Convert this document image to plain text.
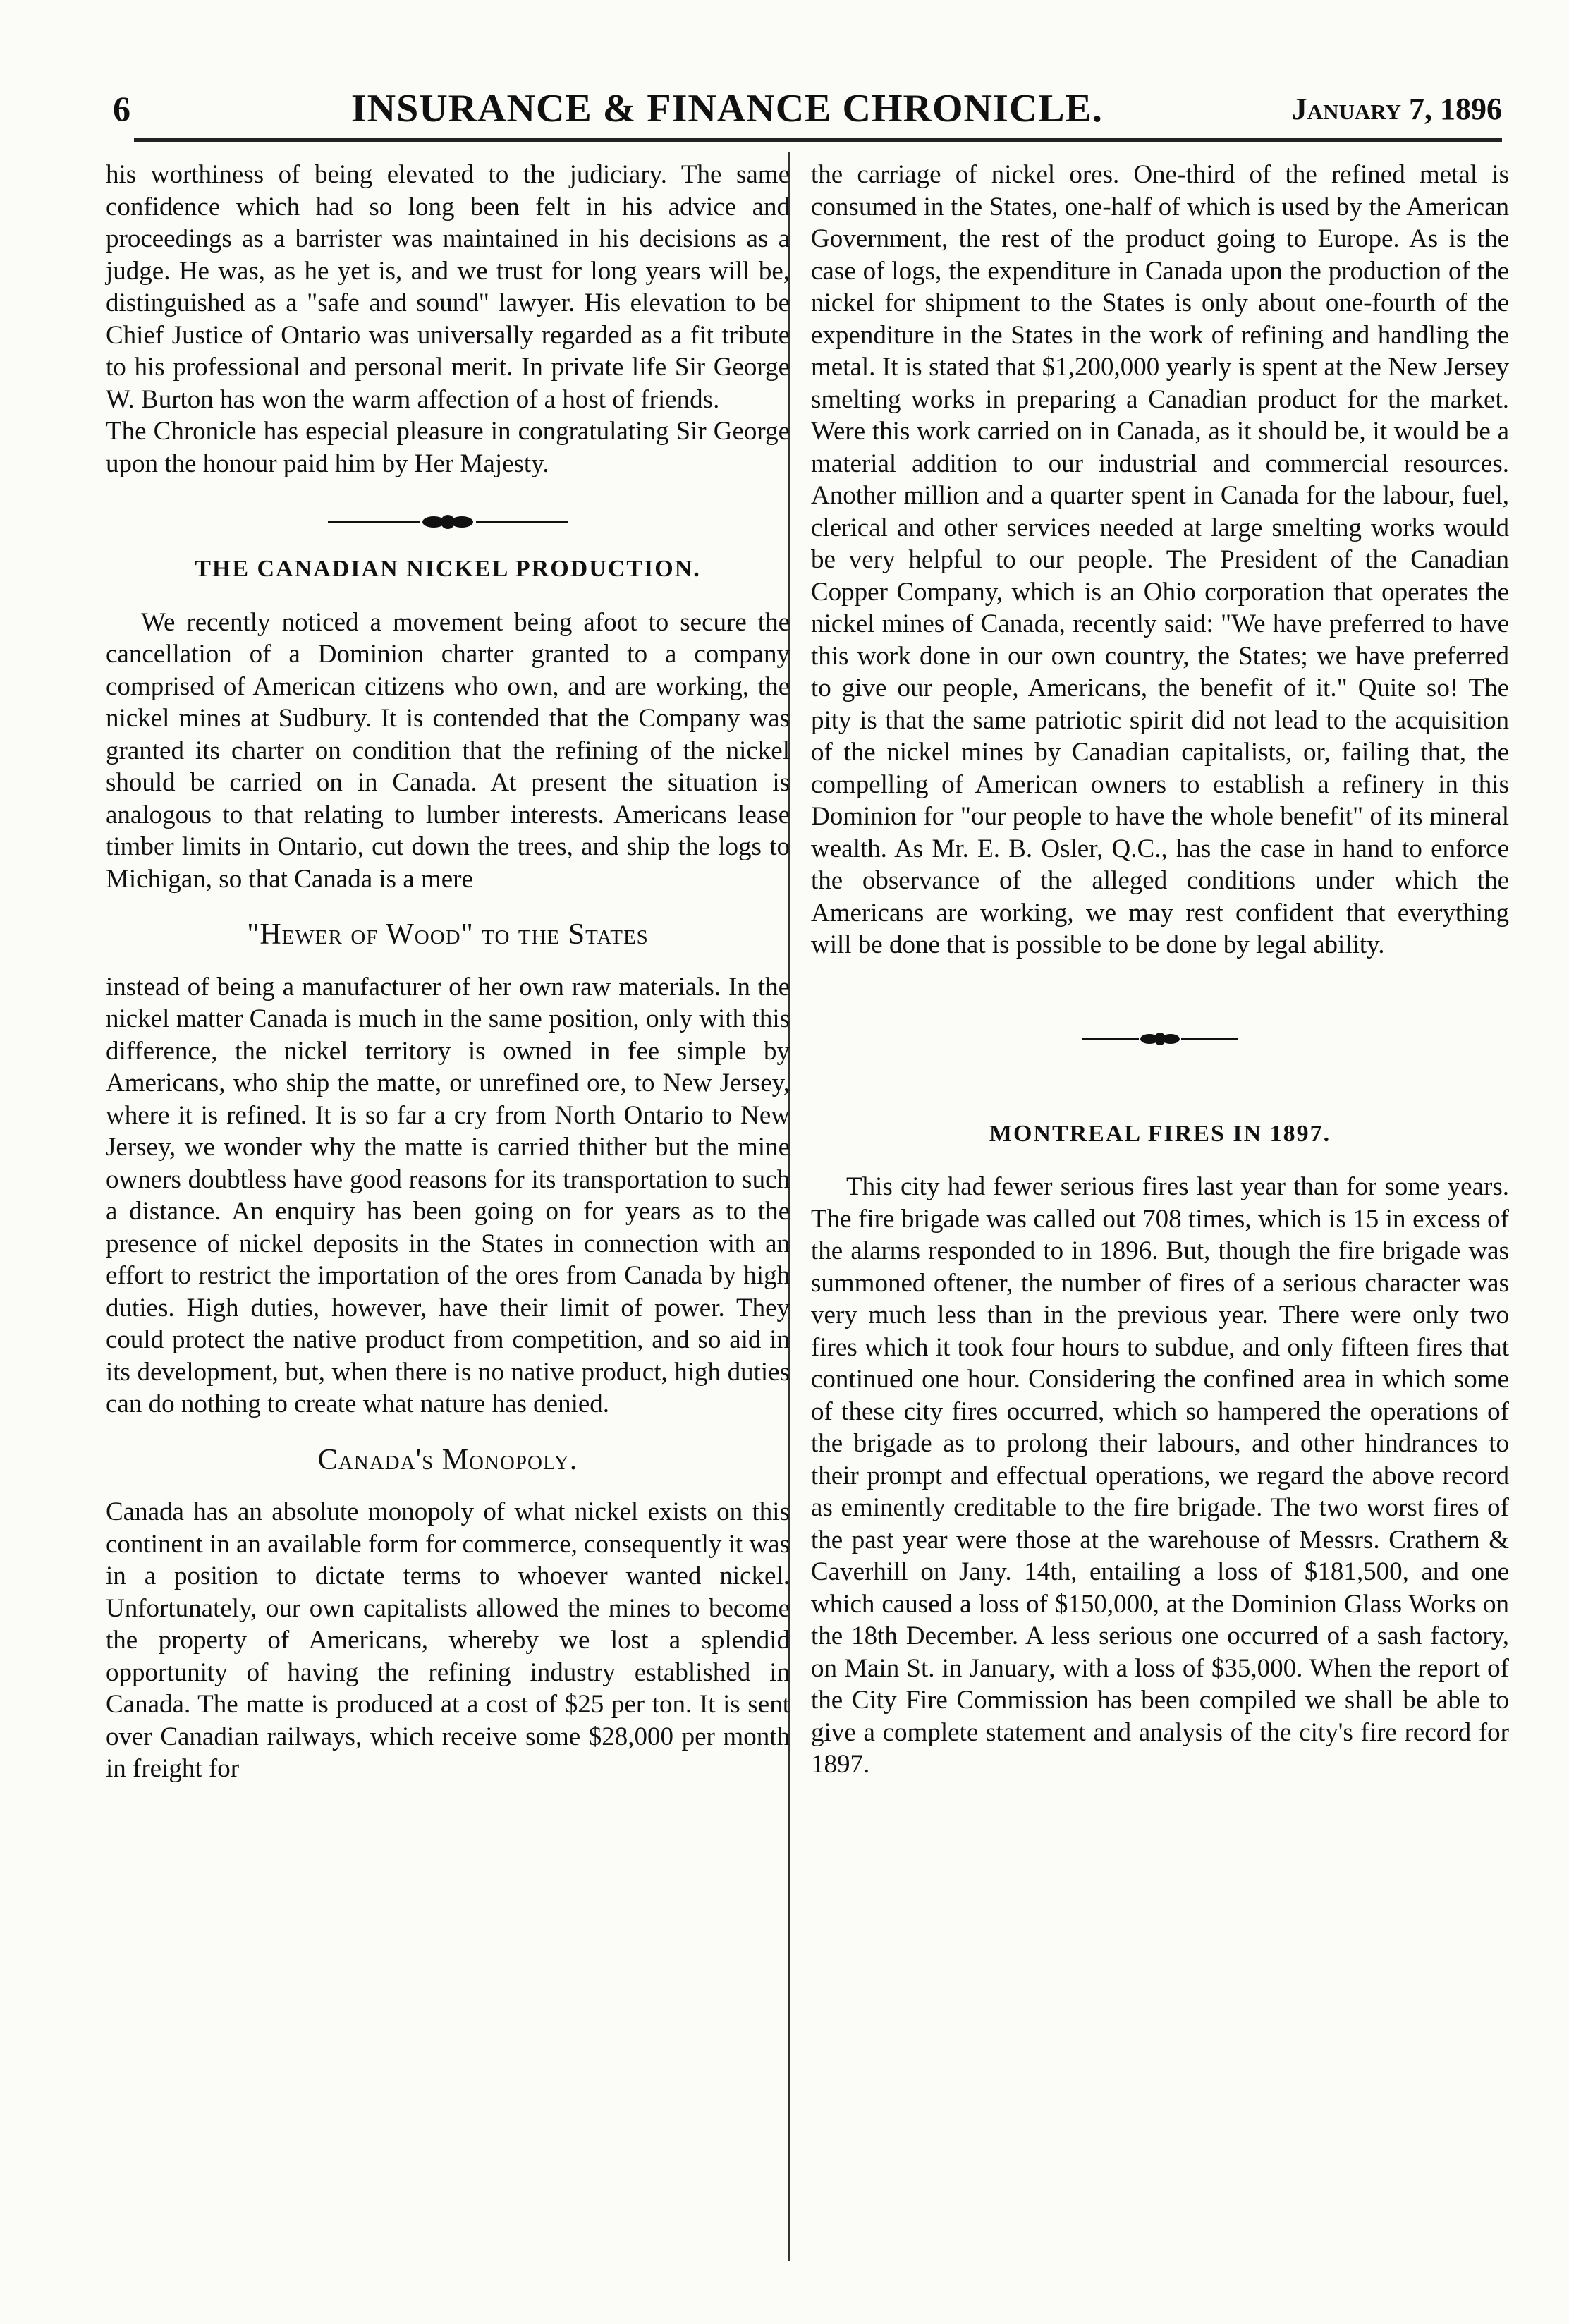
6	INSURANCE & FINANCE CHRONICLE.	January 7, 1896

his worthiness of being elevated to the judiciary. The same confidence which had so long been felt in his advice and proceedings as a barrister was maintained in his decisions as a judge. He was, as he yet is, and we trust for long years will be, distinguished as a "safe and sound" lawyer. His elevation to be Chief Justice of Ontario was universally regarded as a fit tribute to his professional and personal merit. In private life Sir George W. Burton has won the warm affection of a host of friends.

The Chronicle has especial pleasure in congratulating Sir George upon the honour paid him by Her Majesty.

THE CANADIAN NICKEL PRODUCTION.

We recently noticed a movement being afoot to secure the cancellation of a Dominion charter granted to a company comprised of American citizens who own, and are working, the nickel mines at Sudbury. It is contended that the Company was granted its charter on condition that the refining of the nickel should be carried on in Canada. At present the situation is analogous to that relating to lumber interests. Americans lease timber limits in Ontario, cut down the trees, and ship the logs to Michigan, so that Canada is a mere

"Hewer of Wood" to the States

instead of being a manufacturer of her own raw materials. In the nickel matter Canada is much in the same position, only with this difference, the nickel territory is owned in fee simple by Americans, who ship the matte, or unrefined ore, to New Jersey, where it is refined. It is so far a cry from North Ontario to New Jersey, we wonder why the matte is carried thither but the mine owners doubtless have good reasons for its transportation to such a distance. An enquiry has been going on for years as to the presence of nickel deposits in the States in connection with an effort to restrict the importation of the ores from Canada by high duties. High duties, however, have their limit of power. They could protect the native product from competition, and so aid in its development, but, when there is no native product, high duties can do nothing to create what nature has denied.

Canada's Monopoly.

Canada has an absolute monopoly of what nickel exists on this continent in an available form for commerce, consequently it was in a position to dictate terms to whoever wanted nickel. Unfortunately, our own capitalists allowed the mines to become the property of Americans, whereby we lost a splendid opportunity of having the refining industry established in Canada. The matte is produced at a cost of $25 per ton. It is sent over Canadian railways, which receive some $28,000 per month in freight for

the carriage of nickel ores. One-third of the refined metal is consumed in the States, one-half of which is used by the American Government, the rest of the product going to Europe. As is the case of logs, the expenditure in Canada upon the production of the nickel for shipment to the States is only about one-fourth of the expenditure in the States in the work of refining and handling the metal. It is stated that $1,200,000 yearly is spent at the New Jersey smelting works in preparing a Canadian product for the market. Were this work carried on in Canada, as it should be, it would be a material addition to our industrial and commercial resources. Another million and a quarter spent in Canada for the labour, fuel, clerical and other services needed at large smelting works would be very helpful to our people. The President of the Canadian Copper Company, which is an Ohio corporation that operates the nickel mines of Canada, recently said: "We have preferred to have this work done in our own country, the States; we have preferred to give our people, Americans, the benefit of it." Quite so! The pity is that the same patriotic spirit did not lead to the acquisition of the nickel mines by Canadian capitalists, or, failing that, the compelling of American owners to establish a refinery in this Dominion for "our people to have the whole benefit" of its mineral wealth. As Mr. E. B. Osler, Q.C., has the case in hand to enforce the observance of the alleged conditions under which the Americans are working, we may rest confident that everything will be done that is possible to be done by legal ability.

MONTREAL FIRES IN 1897.

This city had fewer serious fires last year than for some years. The fire brigade was called out 708 times, which is 15 in excess of the alarms responded to in 1896. But, though the fire brigade was summoned oftener, the number of fires of a serious character was very much less than in the previous year. There were only two fires which it took four hours to subdue, and only fifteen fires that continued one hour. Considering the confined area in which some of these city fires occurred, which so hampered the operations of the brigade as to prolong their labours, and other hindrances to their prompt and effectual operations, we regard the above record as eminently creditable to the fire brigade. The two worst fires of the past year were those at the warehouse of Messrs. Crathern & Caverhill on Jany. 14th, entailing a loss of $181,500, and one which caused a loss of $150,000, at the Dominion Glass Works on the 18th December. A less serious one occurred of a sash factory, on Main St. in January, with a loss of $35,000. When the report of the City Fire Commission has been compiled we shall be able to give a complete statement and analysis of the city's fire record for 1897.
